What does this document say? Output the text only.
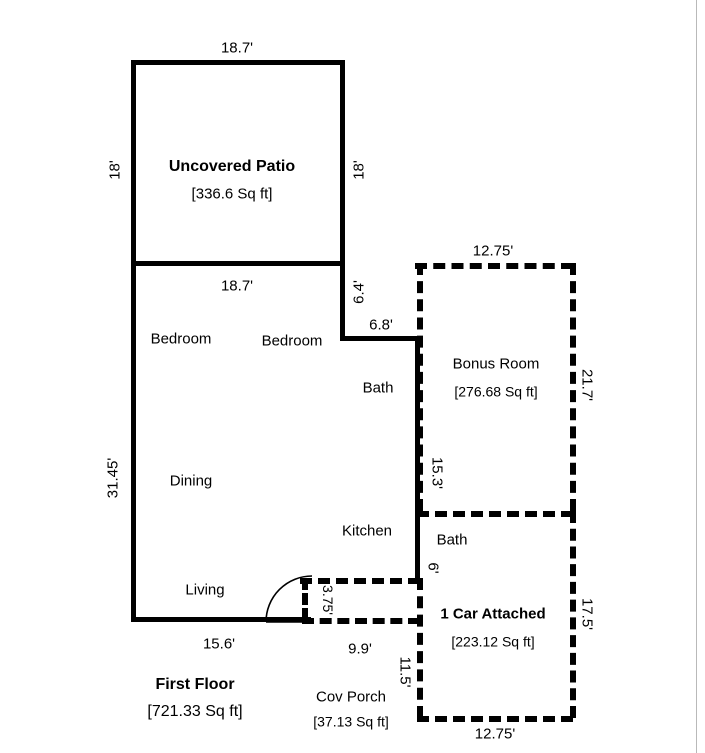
Uncovered Patio
[336.6 Sq ft]
Bedroom	Bedroom
Bath
Dining
Kitchen
Living
Bonus Room
[276.68 Sq ft]
Bath
1 Car Attached
[223.12 Sq ft]
Cov Porch
[37.13 Sq ft]
First Floor
[721.33 Sq ft]
18.7'
18'	18'
18.7'	6.4'
6.8'
31.45'
15.6'	9.9'
11.5'
3.75'
12.75'
21.7'
15.3'
6'
17.5'
12.75'
